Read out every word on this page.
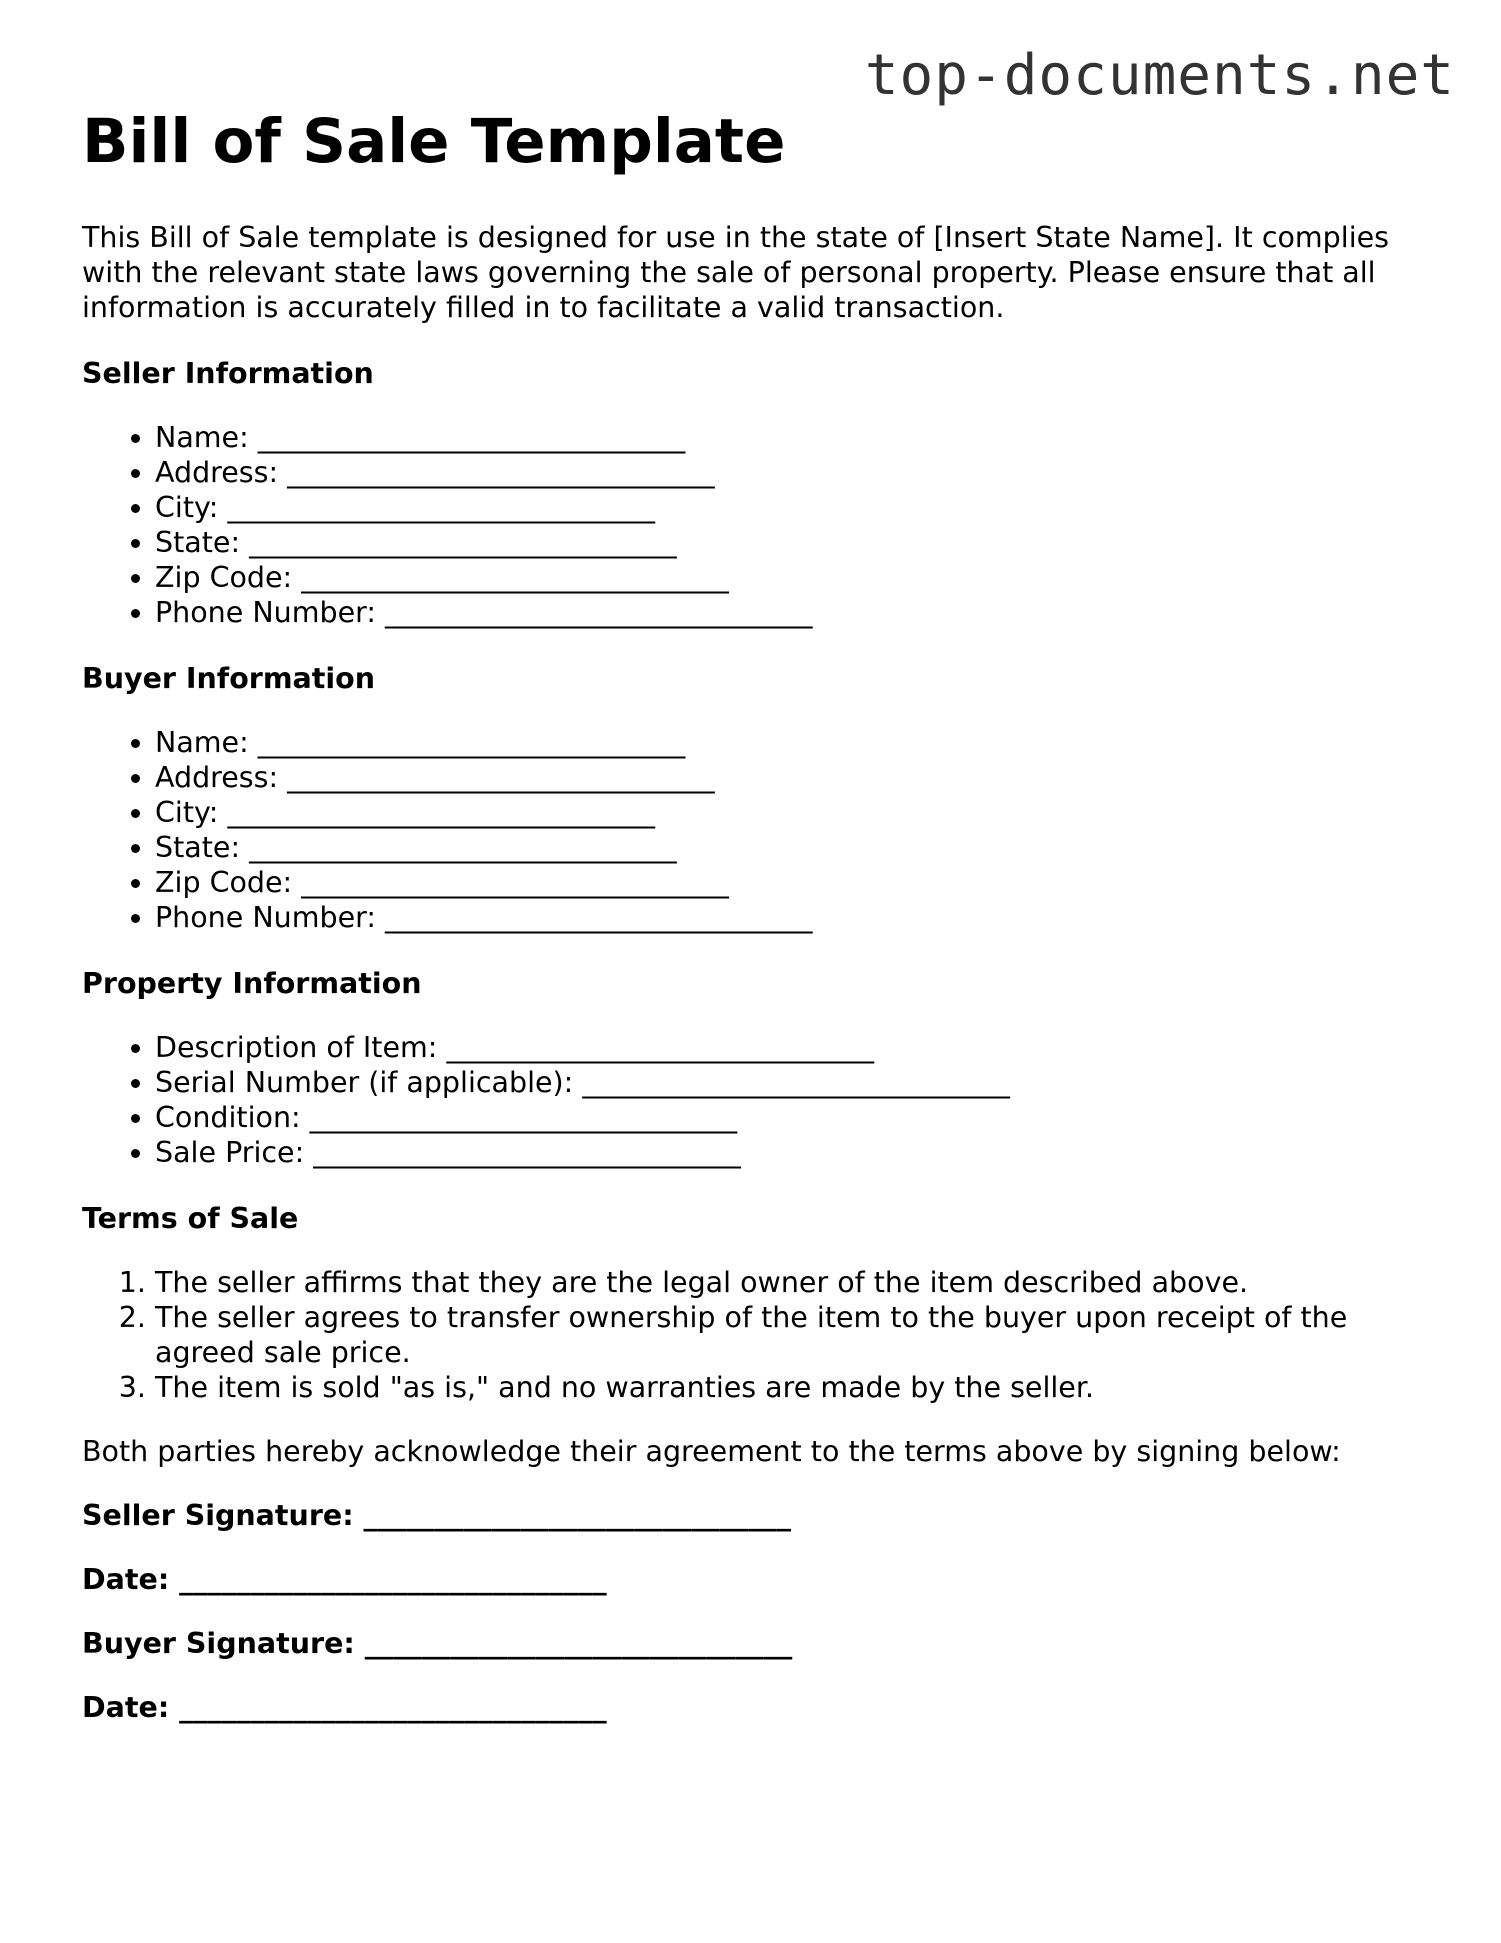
top-documents.net
Bill of Sale Template

This Bill of Sale template is designed for use in the state of [Insert State Name]. It complies with the relevant state laws governing the sale of personal property. Please ensure that all information is accurately filled in to facilitate a valid transaction.

Seller Information

• Name: ______________________________
• Address: ______________________________
• City: ______________________________
• State: ______________________________
• Zip Code: ______________________________
• Phone Number: ______________________________

Buyer Information

• Name: ______________________________
• Address: ______________________________
• City: ______________________________
• State: ______________________________
• Zip Code: ______________________________
• Phone Number: ______________________________

Property Information

• Description of Item: ______________________________
• Serial Number (if applicable): ______________________________
• Condition: ______________________________
• Sale Price: ______________________________

Terms of Sale

1. The seller affirms that they are the legal owner of the item described above.
2. The seller agrees to transfer ownership of the item to the buyer upon receipt of the agreed sale price.
3. The item is sold "as is," and no warranties are made by the seller.

Both parties hereby acknowledge their agreement to the terms above by signing below:

Seller Signature: ______________________________

Date: ______________________________

Buyer Signature: ______________________________

Date: ______________________________
